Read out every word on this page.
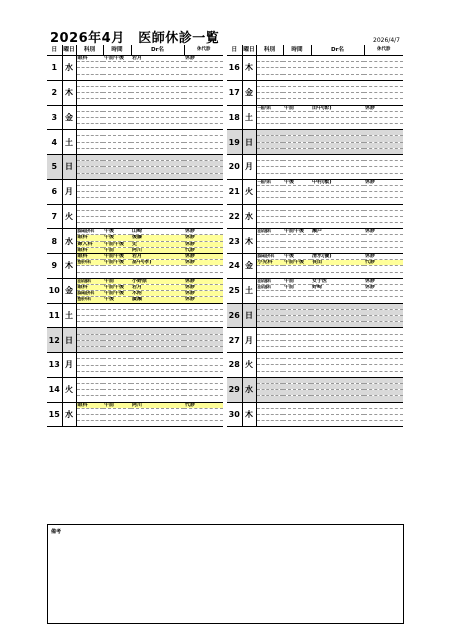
2026年4月　医師休診一覧	2026/4/7
日	曜日	科別	時間	Dr名	休代診
1	水	眼科	午前午後	若月	休診

2	木				

3	金				

4	土				

5	日				

6	月				

7	火				

8	水	脳神経外科	午後	山崎	休診
		眼科	午後	後藤	休診
		婦人科	午前午後	史	休診
		眼科	午前	阿川	代診
9	木	眼科	午前午後	若月	休診
		整形外科	午前午後	畠中(孝)	休診

10	金	泌尿器科	午前	小野原	休診
		眼科	午前午後	若月	休診
		脳神経外科	午前午後	木附	休診
		整形外科	午後	廣瀬	休診
11	土				

12	日				

13	月				

14	火				

15	水	眼科	午前	阿川	代診

日	曜日	科別	時間	Dr名	休代診
16	木				

17	金				

18	土	一般内科	午前	田中(彰)	休診

19	日				

20	月				

21	火	一般内科	午後	中村(敏)	休診

22	水				

23	木	泌尿器科	午前午後	瀬戸	休診

24	金	脳神経外科	午後	清水(優)	休診
		小児科	午前午後	長田	代診

25	土	泌尿器科	午前	女子医	休診
		泌尿器科	午前	野崎	休診

26	日				

27	月				

28	火				

29	水				

30	木				

備考
